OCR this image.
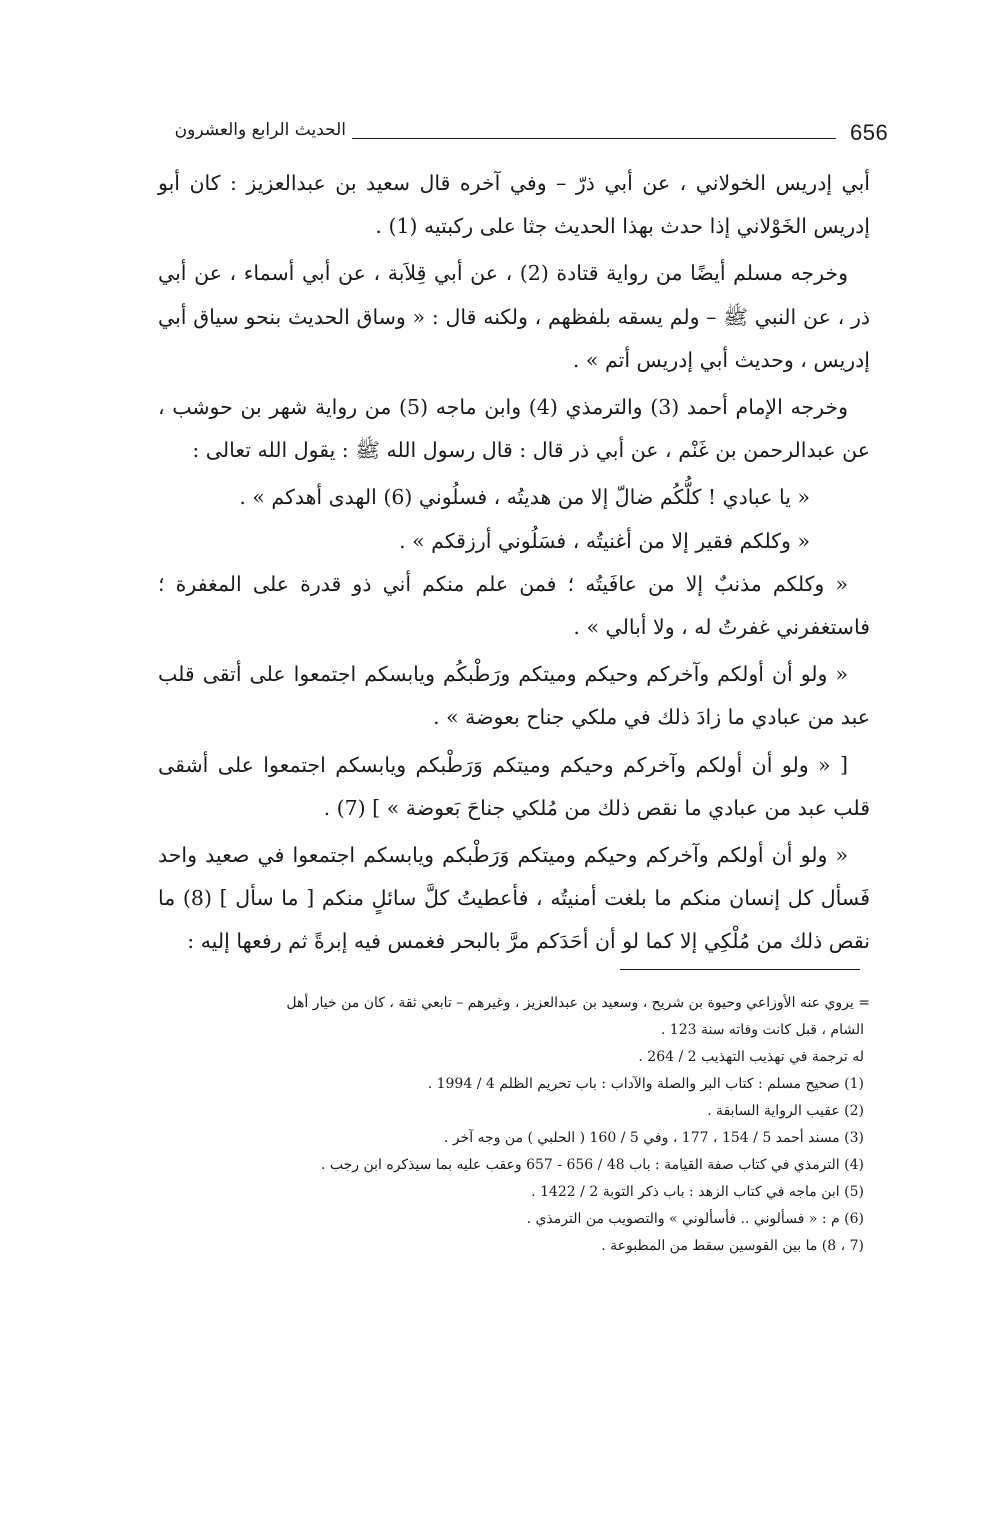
656
الحديث الرابع والعشرون

أبي إدريس الخولاني ، عن أبي ذرّ – وفي آخره قال سعيد بن عبدالعزيز : كان أبو إدريس الخَوْلاني إذا حدث بهذا الحديث جثا على ركبتيه (1) .

وخرجه مسلم أيضًا من رواية قتادة (2) ، عن أبي قِلاَبة ، عن أبي أسماء ، عن أبي ذر ، عن النبي ﷺ – ولم يسقه بلفظهم ، ولكنه قال : « وساق الحديث بنحو سياق أبي إدريس ، وحديث أبي إدريس أتم » .

وخرجه الإمام أحمد (3) والترمذي (4) وابن ماجه (5) من رواية شهر بن حوشب ، عن عبدالرحمن بن غَنْم ، عن أبي ذر قال : قال رسول الله ﷺ : يقول الله تعالى :

« يا عبادي ! كلُّكُم ضالّ إلا من هديتُه ، فسلُوني (6) الهدى أهدكم » .

« وكلكم فقير إلا من أغنيتُه ، فسَلُوني أرزقكم » .

« وكلكم مذنبٌ إلا من عافَيتُه ؛ فمن علم منكم أني ذو قدرة على المغفرة ؛ فاستغفرني غفرتُ له ، ولا أبالي » .

« ولو أن أولكم وآخركم وحيكم وميتكم ورَطْبكُم ويابسكم اجتمعوا على أتقى قلب عبد من عبادي ما زادَ ذلك في ملكي جناح بعوضة » .

[ « ولو أن أولكم وآخركم وحيكم وميتكم وَرَطْبكم ويابسكم اجتمعوا على أشقى قلب عبد من عبادي ما نقص ذلك من مُلكي جناحَ بَعوضة » ] (7) .

« ولو أن أولكم وآخركم وحيكم وميتكم وَرَطْبكم ويابسكم اجتمعوا في صعيد واحد فَسأل كل إنسان منكم ما بلغت أمنيتُه ، فأعطيتُ كلَّ سائلٍ منكم [ ما سأل ] (8) ما نقص ذلك من مُلْكِي إلا كما لو أن أحَدَكم مرَّ بالبحر فغمس فيه إبرةً ثم رفعها إليه :

= يروي عنه الأوزاعي وحيوة بن شريح ، وسعيد بن عبدالعزيز ، وغيرهم – تابعي ثقة ، كان من خيار أهل

الشام ، قبل كانت وفاته سنة 123 .

له ترجمة في تهذيب التهذيب 2 / 264 .

(1) صحيح مسلم : كتاب البر والصلة والآداب : باب تحريم الظلم 4 / 1994 .

(2) عقيب الرواية السابقة .

(3) مسند أحمد 5 / 154 ، 177 ، وفي 5 / 160 ( الحلبي ) من وجه آخر .

(4) الترمذي في كتاب صفة القيامة : باب 48 / 656 - 657 وعقب عليه بما سيذكره ابن رجب .

(5) ابن ماجه في كتاب الزهد : باب ذكر التوبة 2 / 1422 .

(6) م : « فسألوني .. فأسألوني » والتصويب من الترمذي .

(7 ، 8) ما بين القوسين سقط من المطبوعة .
